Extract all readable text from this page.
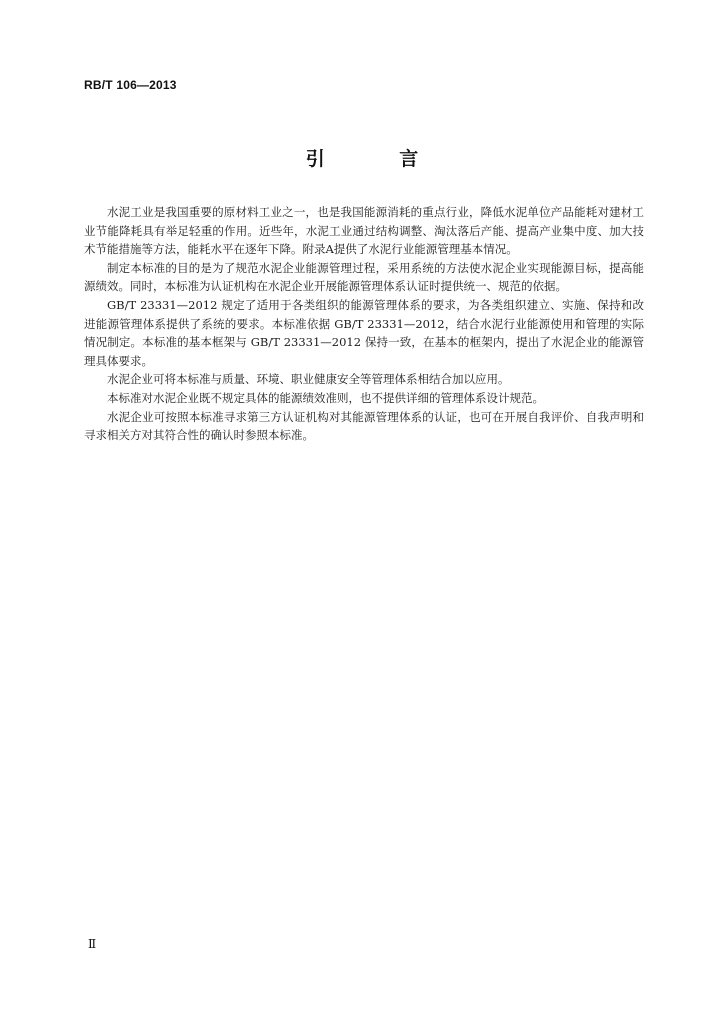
RB/T 106—2013
引 言

水泥工业是我国重要的原材料工业之一，也是我国能源消耗的重点行业，降低水泥单位产品能耗对建材工业节能降耗具有举足轻重的作用。近些年，水泥工业通过结构调整、淘汰落后产能、提高产业集中度、加大技术节能措施等方法，能耗水平在逐年下降。附录A提供了水泥行业能源管理基本情况。

制定本标准的目的是为了规范水泥企业能源管理过程，采用系统的方法使水泥企业实现能源目标，提高能源绩效。同时，本标准为认证机构在水泥企业开展能源管理体系认证时提供统一、规范的依据。

GB/T 23331—2012 规定了适用于各类组织的能源管理体系的要求，为各类组织建立、实施、保持和改进能源管理体系提供了系统的要求。本标准依据 GB/T 23331—2012，结合水泥行业能源使用和管理的实际情况制定。本标准的基本框架与 GB/T 23331—2012 保持一致，在基本的框架内，提出了水泥企业的能源管理具体要求。

水泥企业可将本标准与质量、环境、职业健康安全等管理体系相结合加以应用。

本标准对水泥企业既不规定具体的能源绩效准则，也不提供详细的管理体系设计规范。

水泥企业可按照本标准寻求第三方认证机构对其能源管理体系的认证，也可在开展自我评价、自我声明和寻求相关方对其符合性的确认时参照本标准。

Ⅱ
